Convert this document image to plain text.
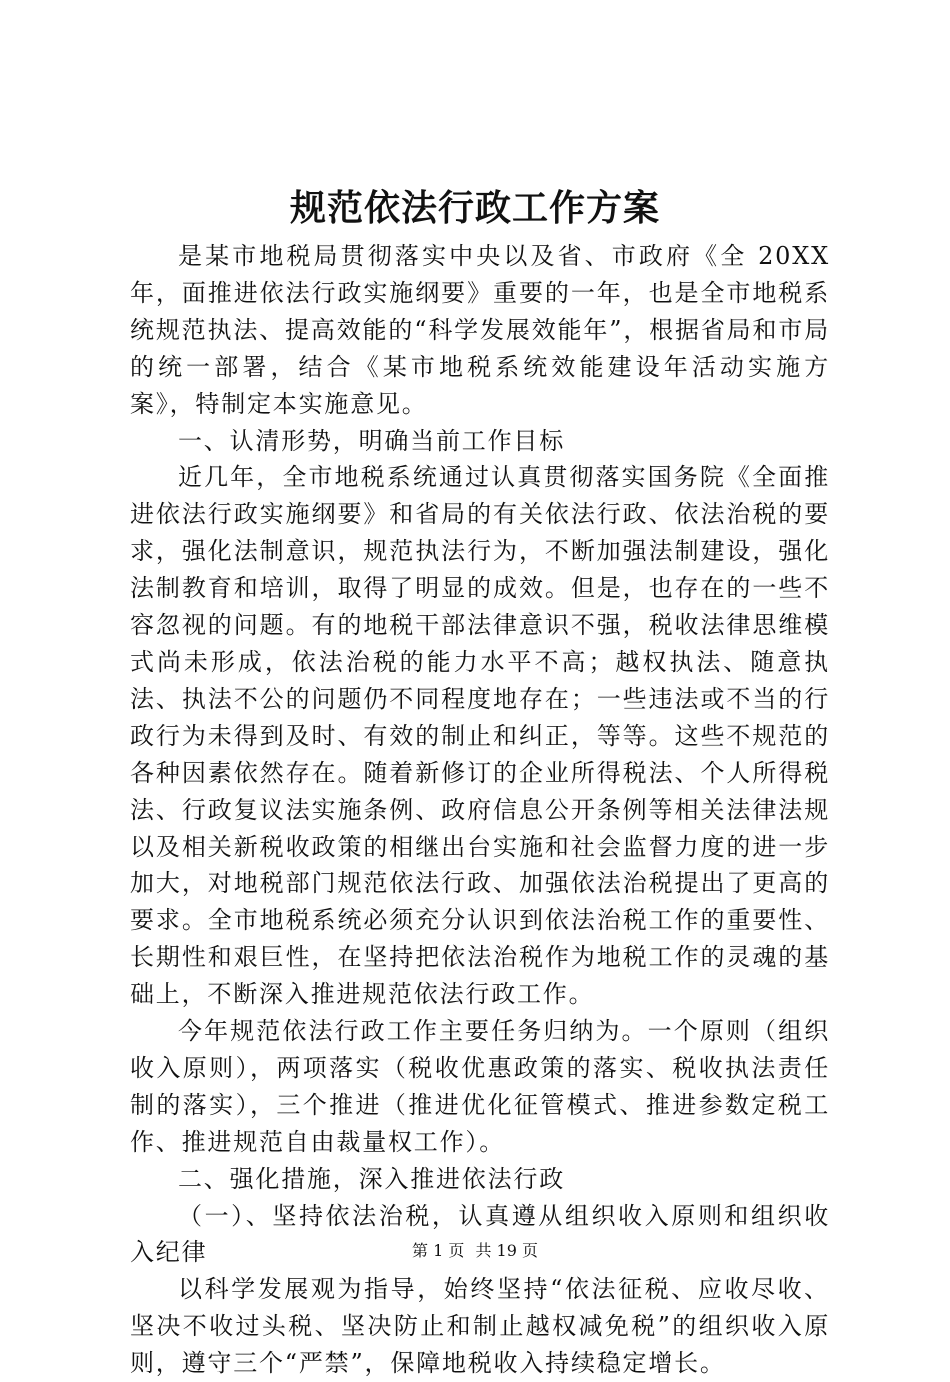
规范依法行政工作方案

是某市地税局贯彻落实中央以及省、市政府《全 20XX 年，面推进依法行政实施纲要》重要的一年，也是全市地税系统规范执法、提高效能的“科学发展效能年”，根据省局和市局的统一部署，结合《某市地税系统效能建设年活动实施方案》，特制定本实施意见。

一、认清形势，明确当前工作目标

近几年，全市地税系统通过认真贯彻落实国务院《全面推进依法行政实施纲要》和省局的有关依法行政、依法治税的要求，强化法制意识，规范执法行为，不断加强法制建设，强化法制教育和培训，取得了明显的成效。但是，也存在的一些不容忽视的问题。有的地税干部法律意识不强，税收法律思维模式尚未形成，依法治税的能力水平不高；越权执法、随意执法、执法不公的问题仍不同程度地存在；一些违法或不当的行政行为未得到及时、有效的制止和纠正，等等。这些不规范的各种因素依然存在。随着新修订的企业所得税法、个人所得税法、行政复议法实施条例、政府信息公开条例等相关法律法规以及相关新税收政策的相继出台实施和社会监督力度的进一步加大，对地税部门规范依法行政、加强依法治税提出了更高的要求。全市地税系统必须充分认识到依法治税工作的重要性、长期性和艰巨性，在坚持把依法治税作为地税工作的灵魂的基础上，不断深入推进规范依法行政工作。

今年规范依法行政工作主要任务归纳为。一个原则（组织收入原则），两项落实（税收优惠政策的落实、税收执法责任制的落实），三个推进（推进优化征管模式、推进参数定税工作、推进规范自由裁量权工作）。

二、强化措施，深入推进依法行政

（一）、坚持依法治税，认真遵从组织收入原则和组织收入纪律

以科学发展观为指导，始终坚持“依法征税、应收尽收、坚决不收过头税、坚决防止和制止越权减免税”的组织收入原则，遵守三个“严禁”，保障地税收入持续稳定增长。

第 1 页 共 19 页
